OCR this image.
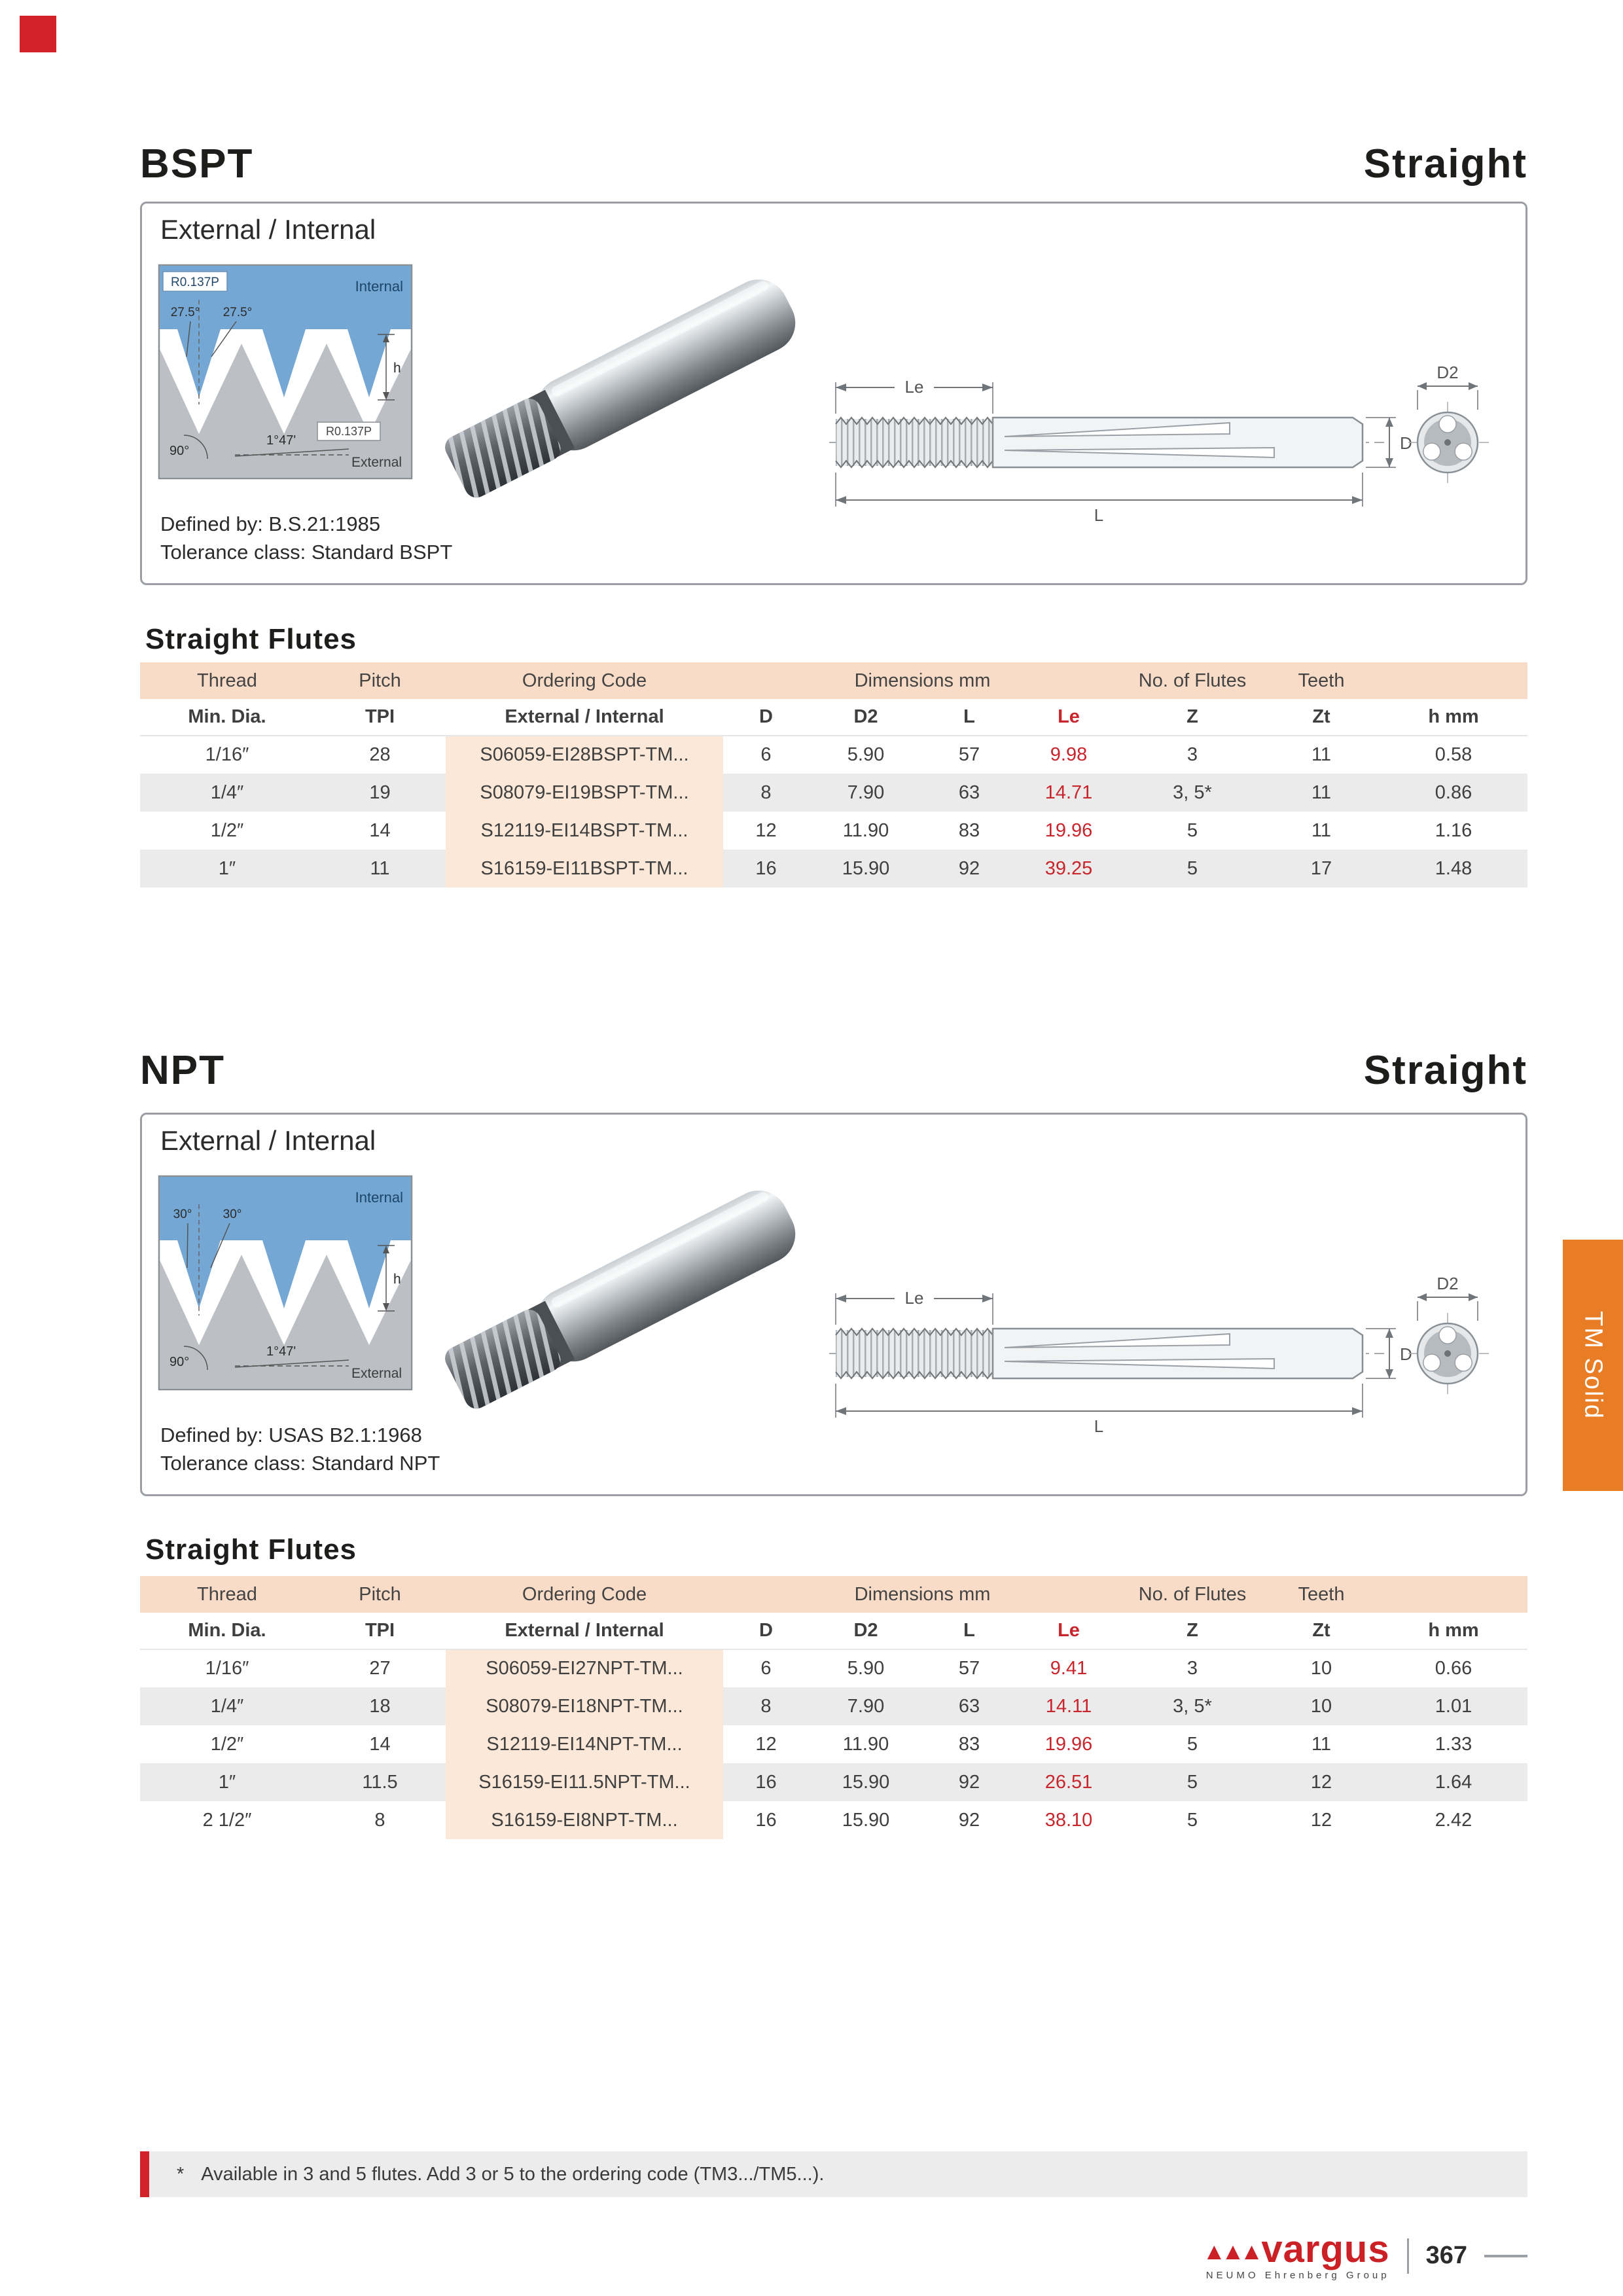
BSPT	Straight
External / Internal
R0.137P	Internal
27.5° 27.5°
h
90°
1°47'
R0.137P
External
Le
L
D
D2
Defined by: B.S.21:1985
Tolerance class: Standard BSPT
Straight Flutes
Thread	Pitch	Ordering Code	Dimensions mm				No. of Flutes	Teeth	
Min. Dia.	TPI	External / Internal	D	D2	L	Le	Z	Zt	h mm
1/16″	28	S06059-EI28BSPT-TM...	6	5.90	57	9.98	3	11	0.58
1/4″	19	S08079-EI19BSPT-TM...	8	7.90	63	14.71	3, 5*	11	0.86
1/2″	14	S12119-EI14BSPT-TM...	12	11.90	83	19.96	5	11	1.16
1″	11	S16159-EI11BSPT-TM...	16	15.90	92	39.25	5	17	1.48
NPT	Straight
External / Internal
30° 30°
Internal
h
90°
1°47'
External
Le
L
D
D2
Defined by: USAS B2.1:1968
Tolerance class: Standard NPT
TM Solid
Straight Flutes
Thread	Pitch	Ordering Code	Dimensions mm				No. of Flutes	Teeth	
Min. Dia.	TPI	External / Internal	D	D2	L	Le	Z	Zt	h mm
1/16″	27	S06059-EI27NPT-TM...	6	5.90	57	9.41	3	10	0.66
1/4″	18	S08079-EI18NPT-TM...	8	7.90	63	14.11	3, 5*	10	1.01
1/2″	14	S12119-EI14NPT-TM...	12	11.90	83	19.96	5	11	1.33
1″	11.5	S16159-EI11.5NPT-TM...	16	15.90	92	26.51	5	12	1.64
2 1/2″	8	S16159-EI8NPT-TM...	16	15.90	92	38.10	5	12	2.42
* Available in 3 and 5 flutes. Add 3 or 5 to the ordering code (TM3.../TM5...).
▲▲▲ vargus
NEUMO Ehrenberg Group
367
